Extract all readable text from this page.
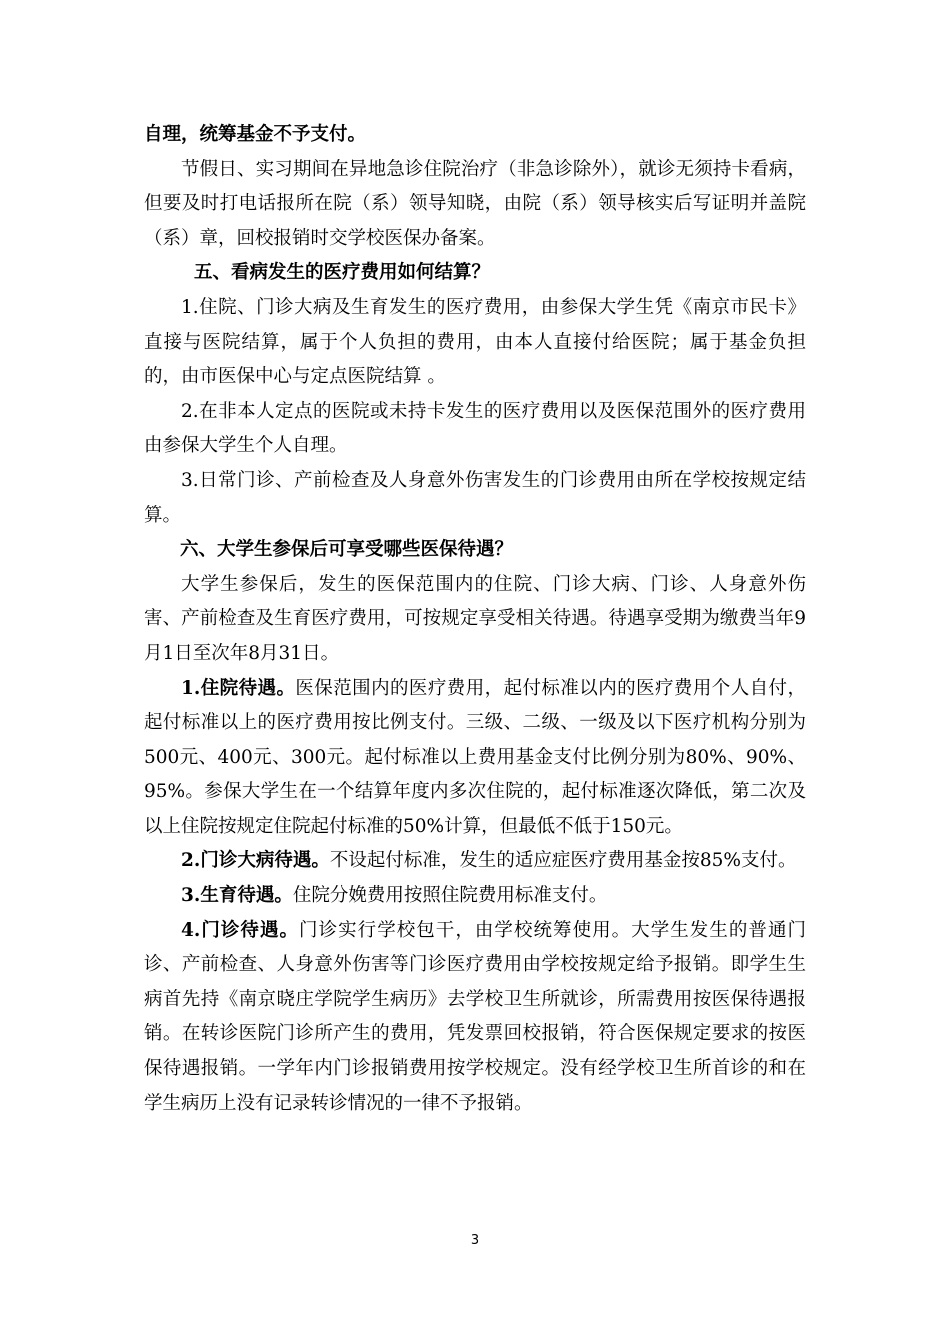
自理，统筹基金不予支付。

节假日、实习期间在异地急诊住院治疗（非急诊除外），就诊无须持卡看病，但要及时打电话报所在院（系）领导知晓，由院（系）领导核实后写证明并盖院（系）章，回校报销时交学校医保办备案。

五、看病发生的医疗费用如何结算？

1.住院、门诊大病及生育发生的医疗费用，由参保大学生凭《南京市民卡》直接与医院结算，属于个人负担的费用，由本人直接付给医院；属于基金负担的，由市医保中心与定点医院结算 。

2.在非本人定点的医院或未持卡发生的医疗费用以及医保范围外的医疗费用由参保大学生个人自理。

3.日常门诊、产前检查及人身意外伤害发生的门诊费用由所在学校按规定结算。

六、大学生参保后可享受哪些医保待遇？

大学生参保后，发生的医保范围内的住院、门诊大病、门诊、人身意外伤害、产前检查及生育医疗费用，可按规定享受相关待遇。待遇享受期为缴费当年9月1日至次年8月31日。

1.住院待遇。医保范围内的医疗费用，起付标准以内的医疗费用个人自付，起付标准以上的医疗费用按比例支付。三级、二级、一级及以下医疗机构分别为500元、400元、300元。起付标准以上费用基金支付比例分别为80%、90%、95%。参保大学生在一个结算年度内多次住院的，起付标准逐次降低，第二次及以上住院按规定住院起付标准的50%计算，但最低不低于150元。

2.门诊大病待遇。不设起付标准，发生的适应症医疗费用基金按85%支付。

3.生育待遇。住院分娩费用按照住院费用标准支付。

4.门诊待遇。门诊实行学校包干，由学校统筹使用。大学生发生的普通门诊、产前检查、人身意外伤害等门诊医疗费用由学校按规定给予报销。即学生生病首先持《南京晓庄学院学生病历》去学校卫生所就诊，所需费用按医保待遇报销。在转诊医院门诊所产生的费用，凭发票回校报销，符合医保规定要求的按医保待遇报销。一学年内门诊报销费用按学校规定。没有经学校卫生所首诊的和在学生病历上没有记录转诊情况的一律不予报销。

3
